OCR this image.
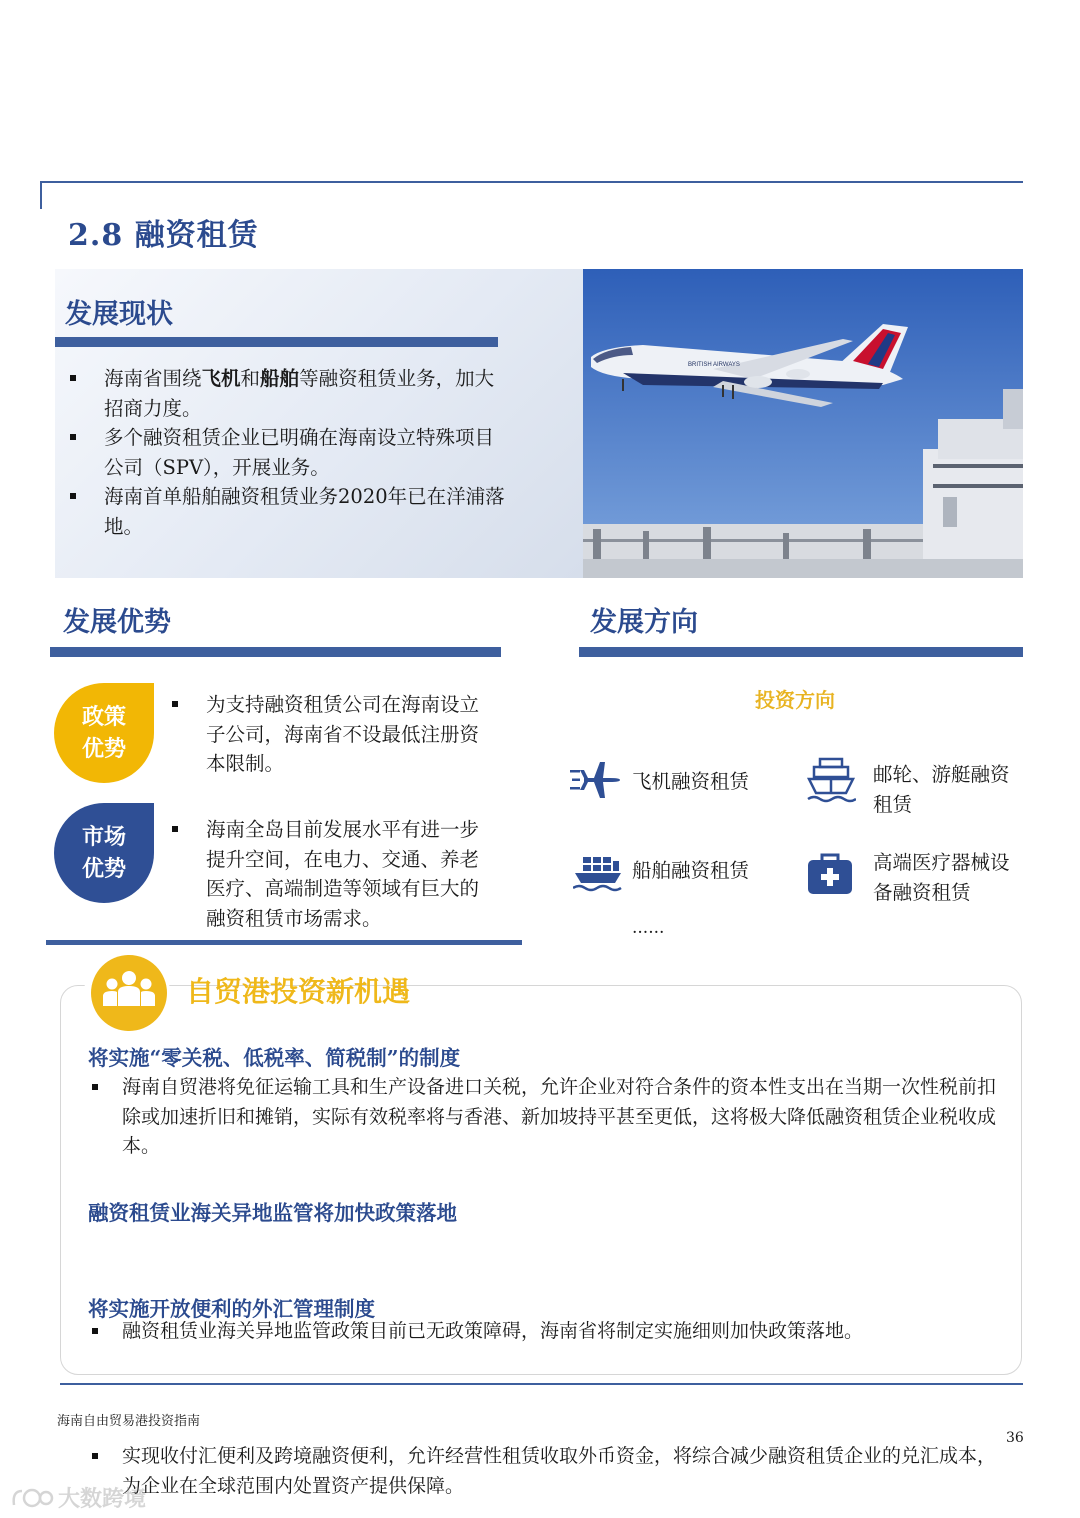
2.8 融资租赁
发展现状
海南省围绕飞机和船舶等融资租赁业务，加大招商力度。
多个融资租赁企业已明确在海南设立特殊项目公司（SPV），开展业务。
海南首单船舶融资租赁业务2020年已在洋浦落地。
BRITISH AIRWAYS
发展优势
政策优势
为支持融资租赁公司在海南设立子公司，海南省不设最低注册资本限制。
市场优势
海南全岛目前发展水平有进一步提升空间，在电力、交通、养老医疗、高端制造等领域有巨大的融资租赁市场需求。
发展方向
投资方向
飞机融资租赁	邮轮、游艇融资租赁
船舶融资租赁	高端医疗器械设备融资租赁
......
自贸港投资新机遇
将实施“零关税、低税率、简税制”的制度
海南自贸港将免征运输工具和生产设备进口关税，允许企业对符合条件的资本性支出在当期一次性税前扣除或加速折旧和摊销，实际有效税率将与香港、新加坡持平甚至更低，这将极大降低融资租赁企业税收成本。
融资租赁业海关异地监管将加快政策落地
融资租赁业海关异地监管政策目前已无政策障碍，海南省将制定实施细则加快政策落地。
将实施开放便利的外汇管理制度
实现收付汇便利及跨境融资便利，允许经营性租赁收取外币资金，将综合减少融资租赁企业的兑汇成本，为企业在全球范围内处置资产提供保障。
海南自由贸易港投资指南
36
大数跨境
